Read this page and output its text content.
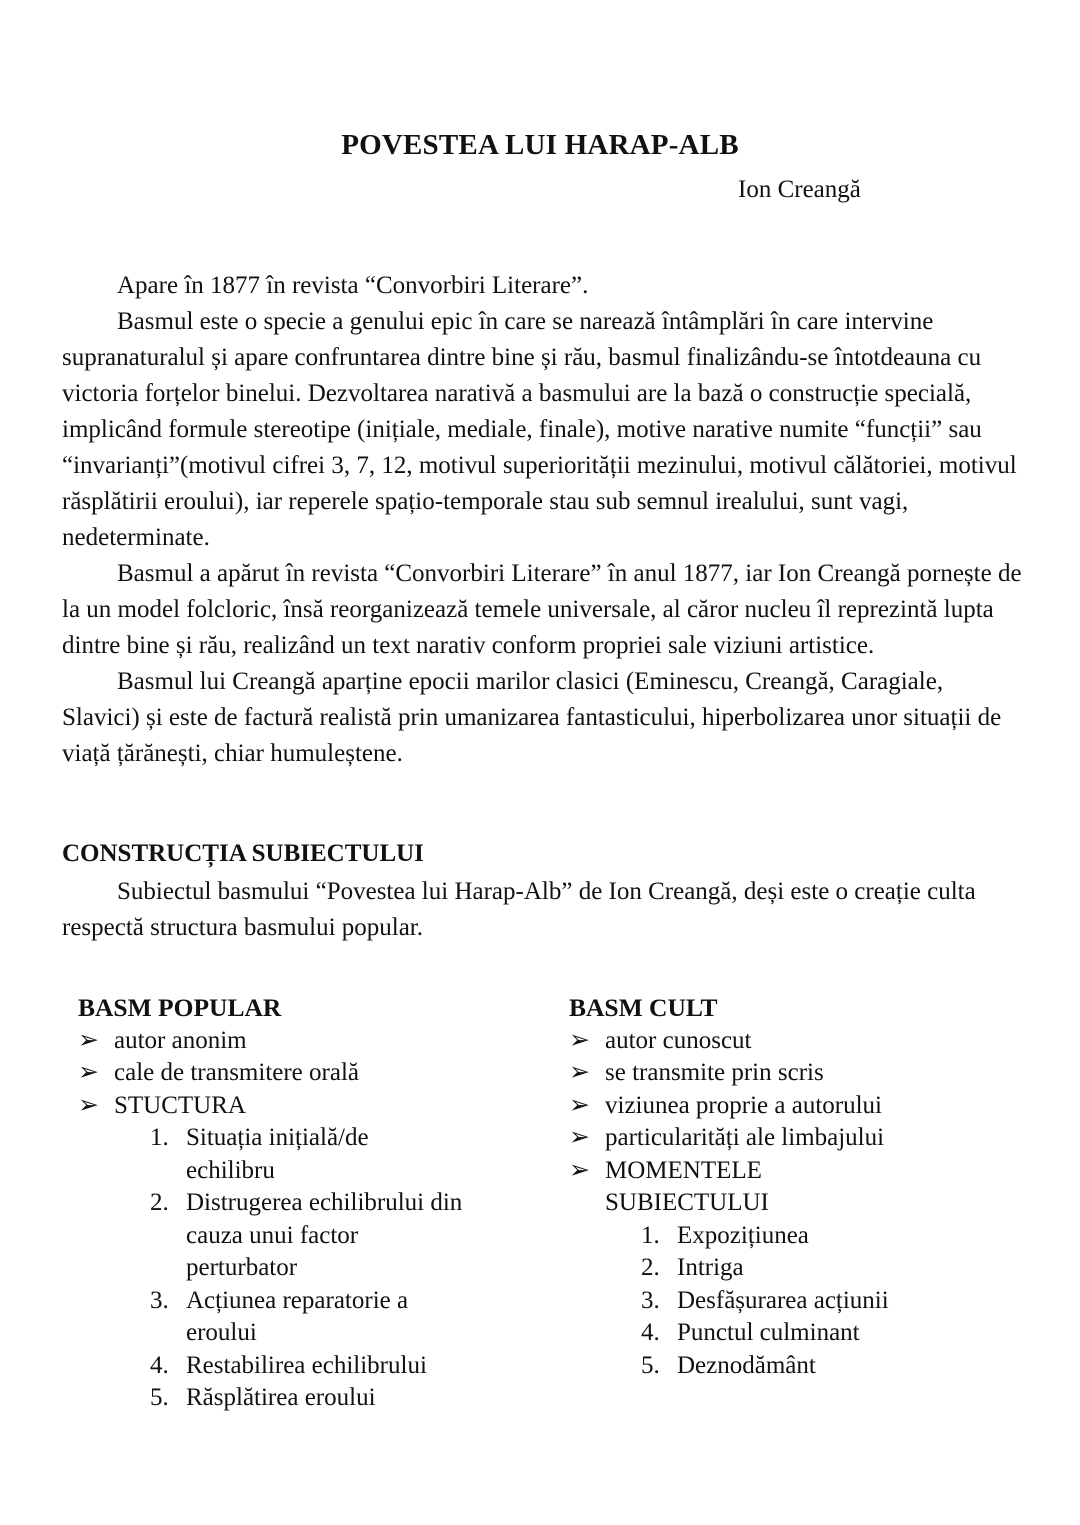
POVESTEA LUI HARAP-ALB

Ion Creangă

Apare în 1877 în revista “Convorbiri Literare”.

Basmul este o specie a genului epic în care se narează întâmplări în care intervine supranaturalul și apare confruntarea dintre bine și rău, basmul finalizându-se întotdeauna cu victoria forțelor binelui. Dezvoltarea narativă a basmului are la bază o construcție specială, implicând formule stereotipe (inițiale, mediale, finale), motive narative numite “funcții” sau “invarianți”(motivul cifrei 3, 7, 12, motivul superiorității mezinului, motivul călătoriei, motivul răsplătirii eroului), iar reperele spațio-temporale stau sub semnul irealului, sunt vagi, nedeterminate.

Basmul a apărut în revista “Convorbiri Literare” în anul 1877, iar Ion Creangă pornește de la un model folcloric, însă reorganizează temele universale, al căror nucleu îl reprezintă lupta dintre bine și rău, realizând un text narativ conform propriei sale viziuni artistice.

Basmul lui Creangă aparține epocii marilor clasici (Eminescu, Creangă, Caragiale, Slavici) și este de factură realistă prin umanizarea fantasticului, hiperbolizarea unor situații de viață țărănești, chiar humuleștene.

CONSTRUCȚIA SUBIECTULUI

Subiectul basmului “Povestea lui Harap-Alb” de Ion Creangă, deși este o creație culta respectă structura basmului popular.

BASM POPULAR
➢ autor anonim
➢ cale de transmitere orală
➢ STUCTURA
1. Situația inițială/de echilibru
2. Distrugerea echilibrului din cauza unui factor perturbator
3. Acțiunea reparatorie a eroului
4. Restabilirea echilibrului
5. Răsplătirea eroului
BASM CULT
➢ autor cunoscut
➢ se transmite prin scris
➢ viziunea proprie a autorului
➢ particularități ale limbajului
➢ MOMENTELE SUBIECTULUI
1. Expozițiunea
2. Intriga
3. Desfășurarea acțiunii
4. Punctul culminant
5. Deznodământ
